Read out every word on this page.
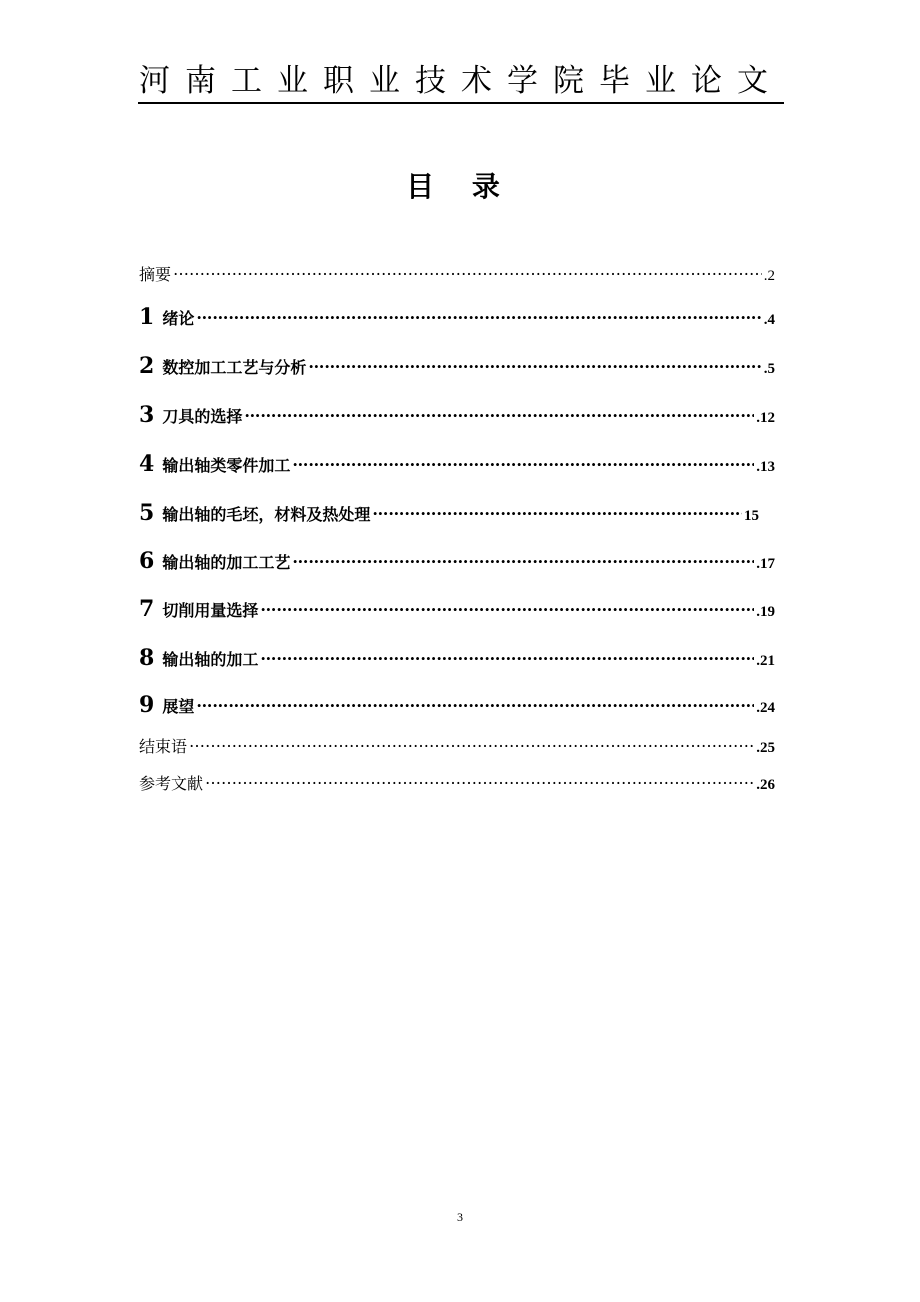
河南工业职业技术学院毕业论文
目 录
摘要 ……………………………………………………………………………………………………………………………………………………………………………………………………	.2
1 绪论 ……………………………………………………………………………………………………………………………………………………………………………………………………	.4
2 数控加工工艺与分析 ……………………………………………………………………………………………………………………………………………………………………………………………………	.5
3 刀具的选择 ……………………………………………………………………………………………………………………………………………………………………………………………………	.12
4 输出轴类零件加工 ……………………………………………………………………………………………………………………………………………………………………………………………………	.13
5 输出轴的毛坯，材料及热处理 ……………………………………………………………………………………………………………………………………………………………………………………………………	15
6 输出轴的加工工艺 ……………………………………………………………………………………………………………………………………………………………………………………………………	.17
7 切削用量选择 ……………………………………………………………………………………………………………………………………………………………………………………………………	.19
8 输出轴的加工 ……………………………………………………………………………………………………………………………………………………………………………………………………	.21
9 展望 ……………………………………………………………………………………………………………………………………………………………………………………………………	.24
结束语 ……………………………………………………………………………………………………………………………………………………………………………………………………	.25
参考文献 ……………………………………………………………………………………………………………………………………………………………………………………………………	.26
3
